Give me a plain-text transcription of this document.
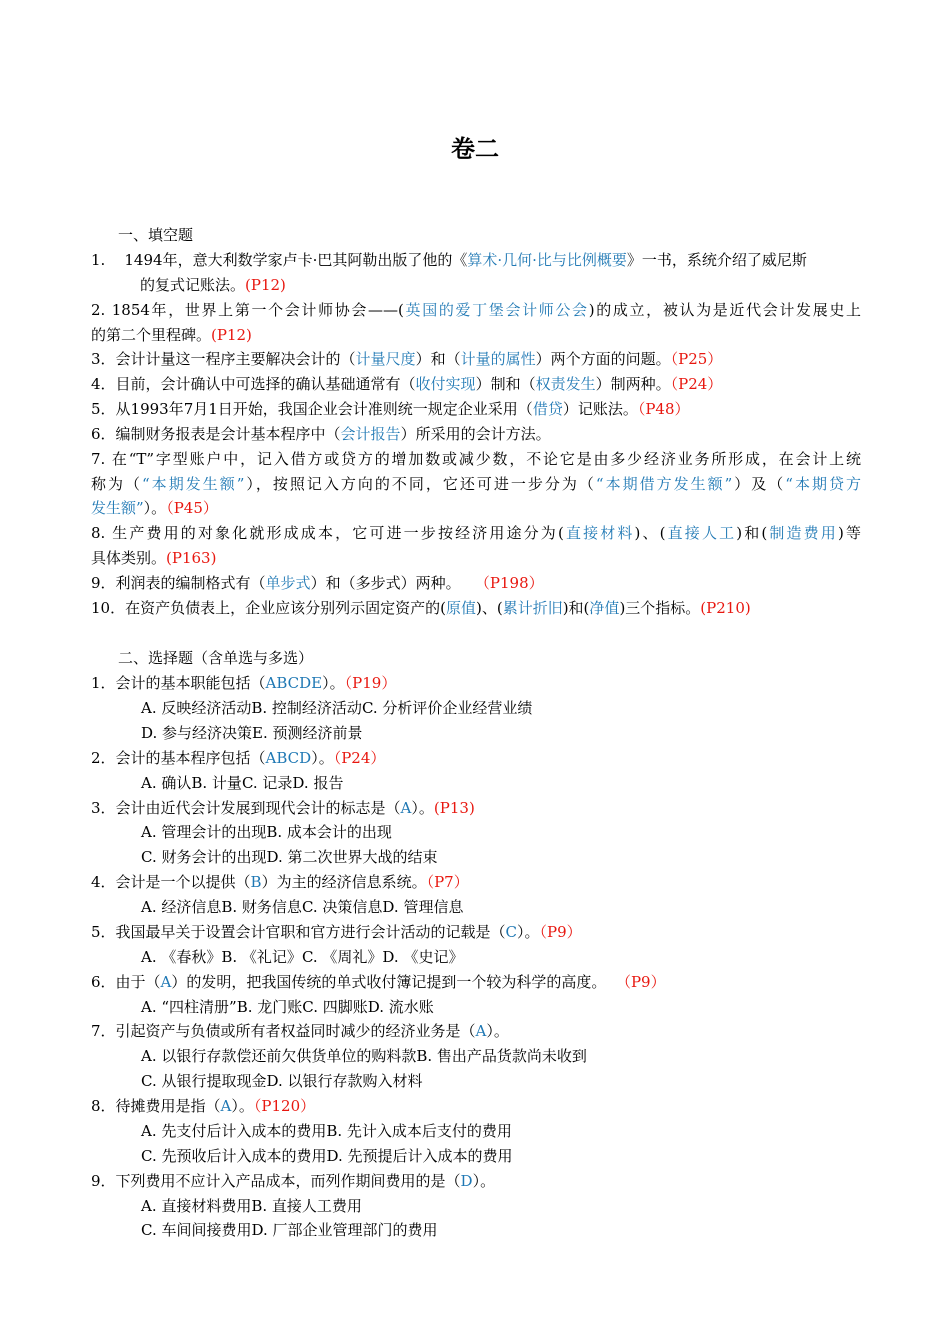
卷二
一、填空题
1. 1494年，意大利数学家卢卡·巴其阿勒出版了他的《算术·几何·比与比例概要》一书，系统介绍了威尼斯
的复式记账法。(P12)
2. 1854年，世界上第一个会计师协会——(英国的爱丁堡会计师公会)的成立，被认为是近代会计发展史上
的第二个里程碑。(P12)
3．会计计量这一程序主要解决会计的（计量尺度）和（计量的属性）两个方面的问题。（P25）
4．目前，会计确认中可选择的确认基础通常有（收付实现）制和（权责发生）制两种。（P24）
5．从1993年7月1日开始，我国企业会计准则统一规定企业采用（借贷）记账法。（P48）
6．编制财务报表是会计基本程序中（会计报告）所采用的会计方法。
7. 在“T”字型账户中，记入借方或贷方的增加数或减少数，不论它是由多少经济业务所形成，在会计上统
称为（“本期发生额”），按照记入方向的不同，它还可进一步分为（“本期借方发生额”）及（“本期贷方
发生额”）。（P45）
8. 生产费用的对象化就形成成本，它可进一步按经济用途分为(直接材料)、(直接人工)和(制造费用)等
具体类别。(P163)
9．利润表的编制格式有（单步式）和（多步式）两种。 （P198）
10．在资产负债表上，企业应该分别列示固定资产的(原值)、(累计折旧)和(净值)三个指标。(P210)
二、选择题（含单选与多选）
1．会计的基本职能包括（ABCDE）。（P19）
A. 反映经济活动B. 控制经济活动C. 分析评价企业经营业绩
D. 参与经济决策E. 预测经济前景
2．会计的基本程序包括（ABCD）。（P24）
A. 确认B. 计量C. 记录D. 报告
3．会计由近代会计发展到现代会计的标志是（A）。(P13)
A. 管理会计的出现B. 成本会计的出现
C. 财务会计的出现D. 第二次世界大战的结束
4．会计是一个以提供（B）为主的经济信息系统。（P7）
A. 经济信息B. 财务信息C. 决策信息D. 管理信息
5．我国最早关于设置会计官职和官方进行会计活动的记载是（C）。（P9）
A. 《春秋》B. 《礼记》C. 《周礼》D. 《史记》
6．由于（A）的发明，把我国传统的单式收付簿记提到一个较为科学的高度。 （P9）
A. “四柱清册”B. 龙门账C. 四脚账D. 流水账
7．引起资产与负债或所有者权益同时减少的经济业务是（A）。
A. 以银行存款偿还前欠供货单位的购料款B. 售出产品货款尚未收到
C. 从银行提取现金D. 以银行存款购入材料
8．待摊费用是指（A）。（P120）
A. 先支付后计入成本的费用B. 先计入成本后支付的费用
C. 先预收后计入成本的费用D. 先预提后计入成本的费用
9．下列费用不应计入产品成本，而列作期间费用的是（D）。
A. 直接材料费用B. 直接人工费用
C. 车间间接费用D. 厂部企业管理部门的费用
